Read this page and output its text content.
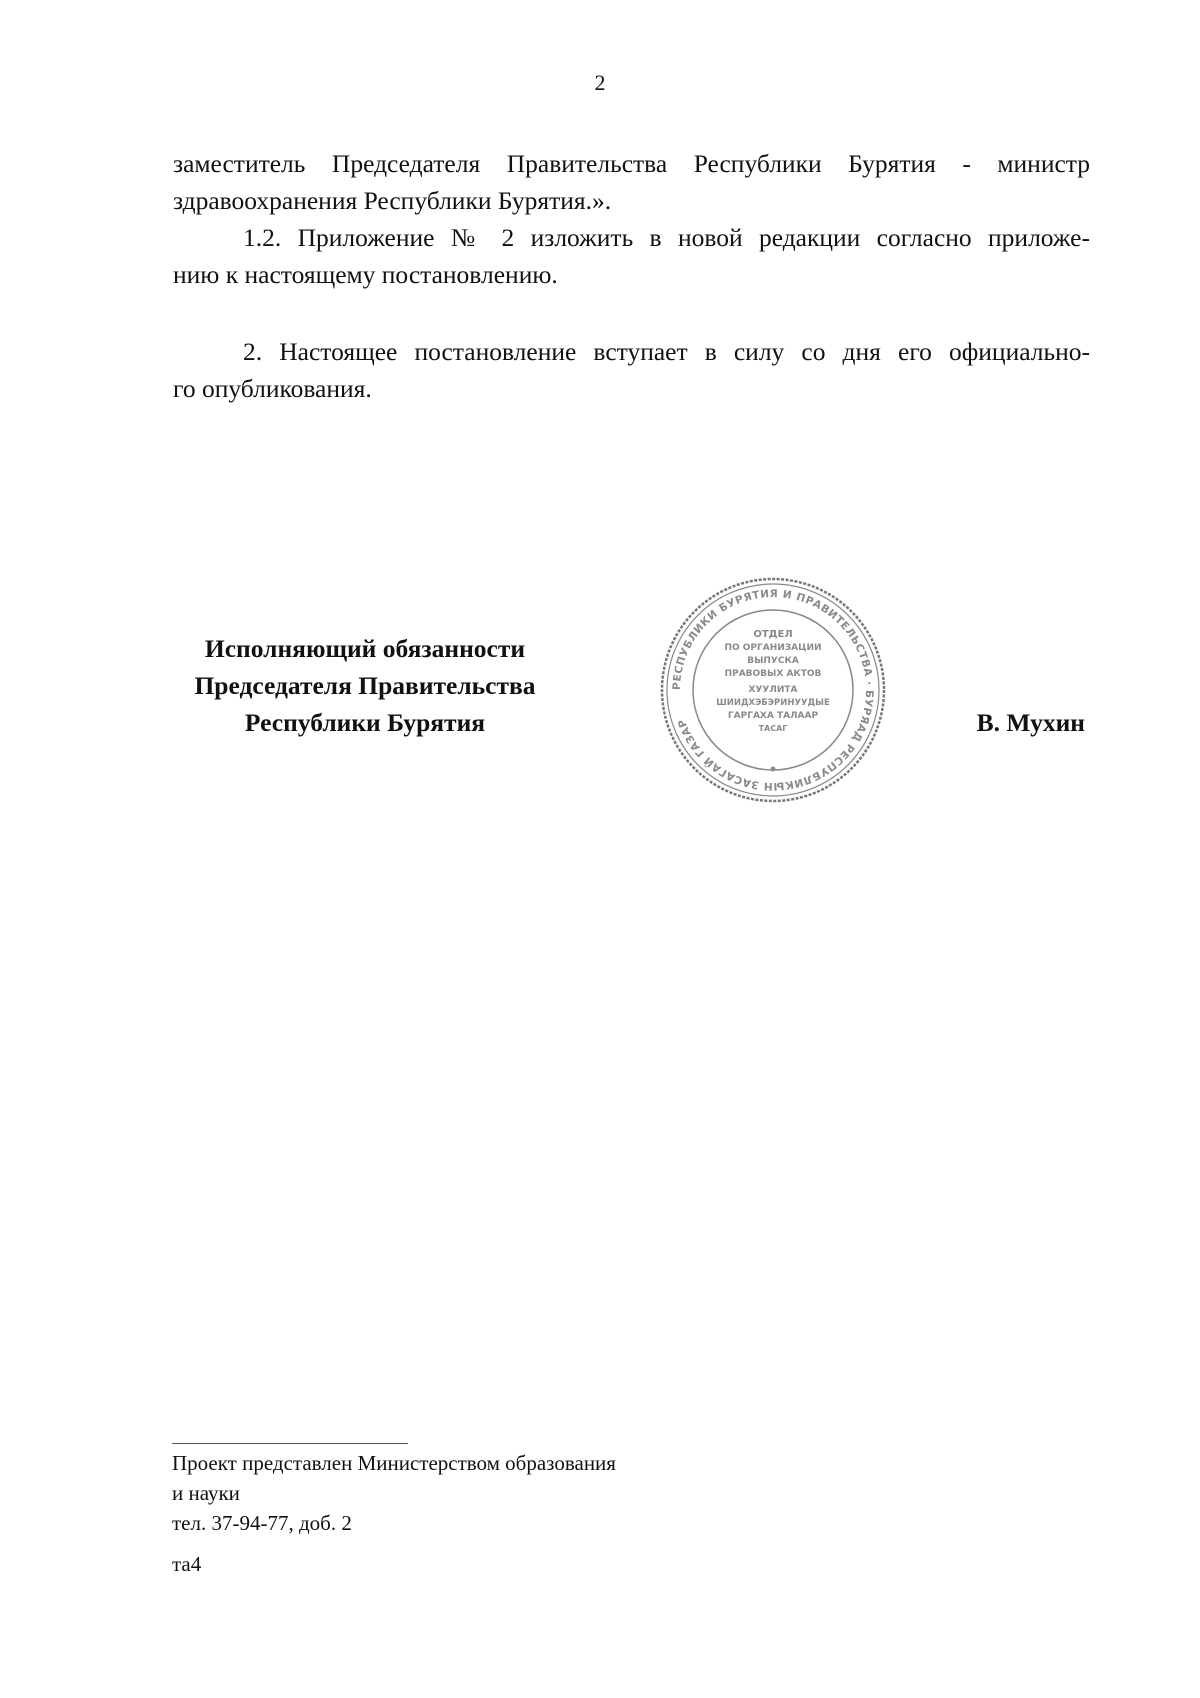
2
заместитель Председателя Правительства Республики Бурятия - министр
здравоохранения Республики Бурятия.».
1.2. Приложение № 2 изложить в новой редакции согласно приложе-
нию к настоящему постановлению.
2. Настоящее постановление вступает в силу со дня его официально-
го опубликования.
Исполняющий обязанности
Председателя Правительства
Республики Бурятия
РЕСПУБЛИКИ БУРЯТИЯ И ПРАВИТЕЛЬСТВА · БУРЯАД РЕСПУБЛИКЫН ЗАСАГАЙ ГАЗАР
ОТДЕЛ
ПО ОРГАНИЗАЦИИ
ВЫПУСКА
ПРАВОВЫХ АКТОВ
ХУУЛИТА
ШИИДХЭБЭРИНУУДЫЕ
ГАРГАХА ТАЛААР
ТАСАГ	В. Мухин
Проект представлен Министерством образования
и науки
тел. 37-94-77, доб. 2
та4
